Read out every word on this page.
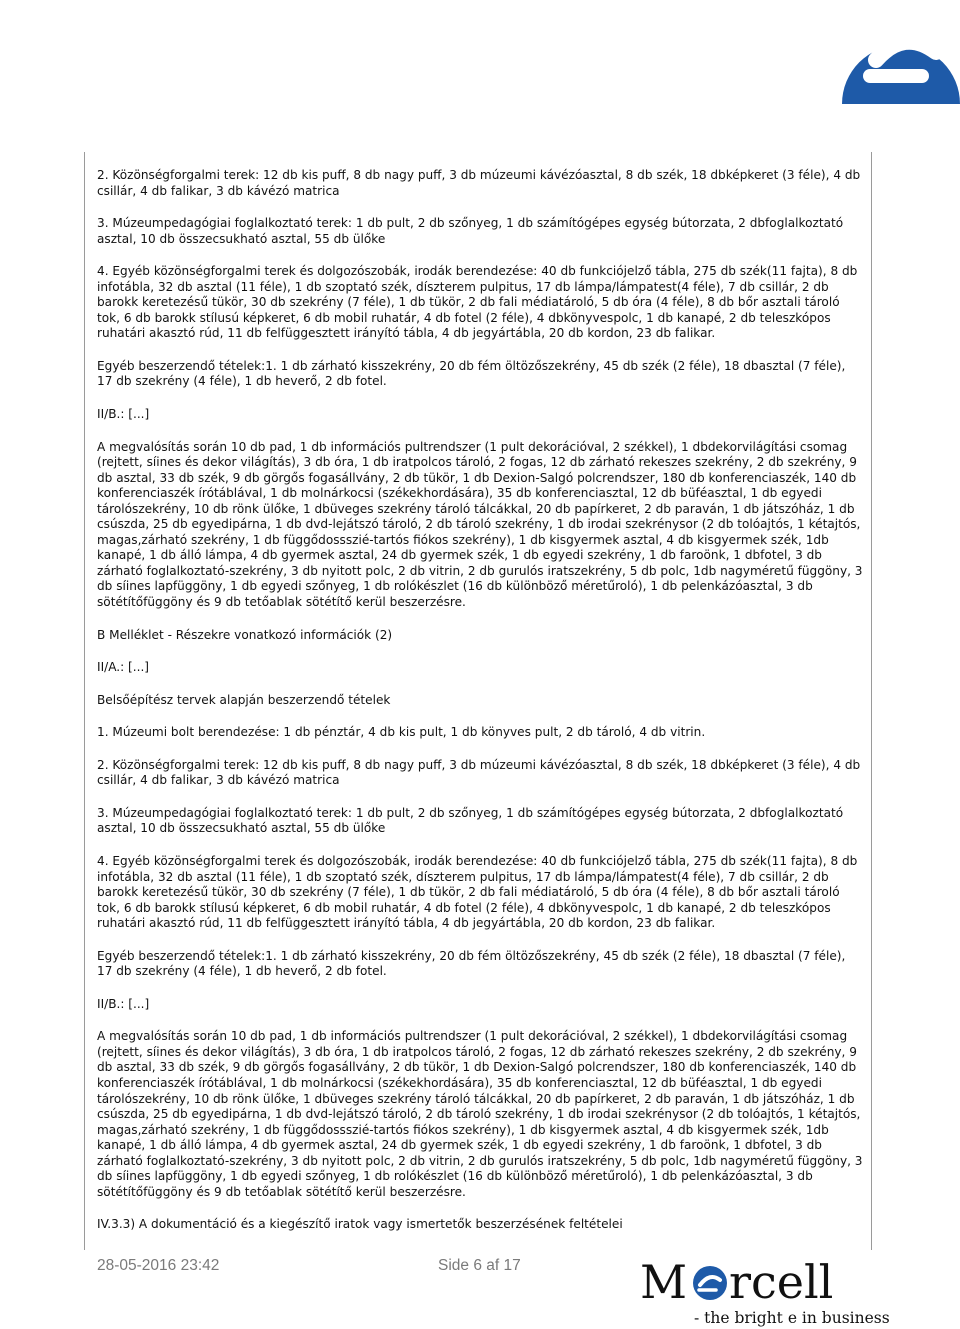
2. Közönségforgalmi terek: 12 db kis puff, 8 db nagy puff, 3 db múzeumi kávézóasztal, 8 db szék, 18 dbképkeret (3 féle), 4 db csillár, 4 db falikar, 3 db kávézó matrica

3. Múzeumpedagógiai foglalkoztató terek: 1 db pult, 2 db szőnyeg, 1 db számítógépes egység bútorzata, 2 dbfoglalkoztató asztal, 10 db összecsukható asztal, 55 db ülőke

4. Egyéb közönségforgalmi terek és dolgozószobák, irodák berendezése: 40 db funkciójelző tábla, 275 db szék(11 fajta), 8 db infotábla, 32 db asztal (11 féle), 1 db szoptató szék, díszterem pulpitus, 17 db lámpa/lámpatest(4 féle), 7 db csillár, 2 db barokk keretezésű tükör, 30 db szekrény (7 féle), 1 db tükör, 2 db fali médiatároló, 5 db óra (4 féle), 8 db bőr asztali tároló tok, 6 db barokk stílusú képkeret, 6 db mobil ruhatár, 4 db fotel (2 féle), 4 dbkönyvespolc, 1 db kanapé, 2 db teleszkópos ruhatári akasztó rúd, 11 db felfüggesztett irányító tábla, 4 db jegyártábla, 20 db kordon, 23 db falikar.

Egyéb beszerzendő tételek:1. 1 db zárható kisszekrény, 20 db fém öltözőszekrény, 45 db szék (2 féle), 18 dbasztal (7 féle), 17 db szekrény (4 féle), 1 db heverő, 2 db fotel.

II/B.: [...]

A megvalósítás során 10 db pad, 1 db információs pultrendszer (1 pult dekorációval, 2 székkel), 1 dbdekorvilágítási csomag (rejtett, síines és dekor világítás), 3 db óra, 1 db iratpolcos tároló, 2 fogas, 12 db zárható rekeszes szekrény, 2 db szekrény, 9 db asztal, 33 db szék, 9 db görgős fogasállvány, 2 db tükör, 1 db Dexion-Salgó polcrendszer, 180 db konferenciaszék, 140 db konferenciaszék írótáblával, 1 db molnárkocsi (székekhordására), 35 db konferenciasztal, 12 db büféasztal, 1 db egyedi tárolószekrény, 10 db rönk ülőke, 1 dbüveges szekrény tároló tálcákkal, 20 db papírkeret, 2 db paraván, 1 db játszóház, 1 db csúszda, 25 db egyedipárna, 1 db dvd-lejátszó tároló, 2 db tároló szekrény, 1 db irodai szekrénysor (2 db tolóajtós, 1 kétajtós, magas,zárható szekrény, 1 db függődossszié-tartós fiókos szekrény), 1 db kisgyermek asztal, 4 db kisgyermek szék, 1db kanapé, 1 db álló lámpa, 4 db gyermek asztal, 24 db gyermek szék, 1 db egyedi szekrény, 1 db faroönk, 1 dbfotel, 3 db zárható foglalkoztató-szekrény, 3 db nyitott polc, 2 db vitrin, 2 db gurulós iratszekrény, 5 db polc, 1db nagyméretű függöny, 3 db síines lapfüggöny, 1 db egyedi szőnyeg, 1 db rolókészlet (16 db különböző méretűroló), 1 db pelenkázóasztal, 3 db sötétítőfüggöny és 9 db tetőablak sötétítő kerül beszerzésre.

B Melléklet - Részekre vonatkozó információk (2)

II/A.: [...]

Belsőépítész tervek alapján beszerzendő tételek

1. Múzeumi bolt berendezése: 1 db pénztár, 4 db kis pult, 1 db könyves pult, 2 db tároló, 4 db vitrin.

2. Közönségforgalmi terek: 12 db kis puff, 8 db nagy puff, 3 db múzeumi kávézóasztal, 8 db szék, 18 dbképkeret (3 féle), 4 db csillár, 4 db falikar, 3 db kávézó matrica

3. Múzeumpedagógiai foglalkoztató terek: 1 db pult, 2 db szőnyeg, 1 db számítógépes egység bútorzata, 2 dbfoglalkoztató asztal, 10 db összecsukható asztal, 55 db ülőke

4. Egyéb közönségforgalmi terek és dolgozószobák, irodák berendezése: 40 db funkciójelző tábla, 275 db szék(11 fajta), 8 db infotábla, 32 db asztal (11 féle), 1 db szoptató szék, díszterem pulpitus, 17 db lámpa/lámpatest(4 féle), 7 db csillár, 2 db barokk keretezésű tükör, 30 db szekrény (7 féle), 1 db tükör, 2 db fali médiatároló, 5 db óra (4 féle), 8 db bőr asztali tároló tok, 6 db barokk stílusú képkeret, 6 db mobil ruhatár, 4 db fotel (2 féle), 4 dbkönyvespolc, 1 db kanapé, 2 db teleszkópos ruhatári akasztó rúd, 11 db felfüggesztett irányító tábla, 4 db jegyártábla, 20 db kordon, 23 db falikar.

Egyéb beszerzendő tételek:1. 1 db zárható kisszekrény, 20 db fém öltözőszekrény, 45 db szék (2 féle), 18 dbasztal (7 féle), 17 db szekrény (4 féle), 1 db heverő, 2 db fotel.

II/B.: [...]

A megvalósítás során 10 db pad, 1 db információs pultrendszer (1 pult dekorációval, 2 székkel), 1 dbdekorvilágítási csomag (rejtett, síines és dekor világítás), 3 db óra, 1 db iratpolcos tároló, 2 fogas, 12 db zárható rekeszes szekrény, 2 db szekrény, 9 db asztal, 33 db szék, 9 db görgős fogasállvány, 2 db tükör, 1 db Dexion-Salgó polcrendszer, 180 db konferenciaszék, 140 db konferenciaszék írótáblával, 1 db molnárkocsi (székekhordására), 35 db konferenciasztal, 12 db büféasztal, 1 db egyedi tárolószekrény, 10 db rönk ülőke, 1 dbüveges szekrény tároló tálcákkal, 20 db papírkeret, 2 db paraván, 1 db játszóház, 1 db csúszda, 25 db egyedipárna, 1 db dvd-lejátszó tároló, 2 db tároló szekrény, 1 db irodai szekrénysor (2 db tolóajtós, 1 kétajtós, magas,zárható szekrény, 1 db függődossszié-tartós fiókos szekrény), 1 db kisgyermek asztal, 4 db kisgyermek szék, 1db kanapé, 1 db álló lámpa, 4 db gyermek asztal, 24 db gyermek szék, 1 db egyedi szekrény, 1 db faroönk, 1 dbfotel, 3 db zárható foglalkoztató-szekrény, 3 db nyitott polc, 2 db vitrin, 2 db gurulós iratszekrény, 5 db polc, 1db nagyméretű függöny, 3 db síines lapfüggöny, 1 db egyedi szőnyeg, 1 db rolókészlet (16 db különböző méretűroló), 1 db pelenkázóasztal, 3 db sötétítőfüggöny és 9 db tetőablak sötétítő kerül beszerzésre.

IV.3.3) A dokumentáció és a kiegészítő iratok vagy ismertetők beszerzésének feltételei

28-05-2016 23:42	Side 6 af 17	M rcell
- the bright e in business
